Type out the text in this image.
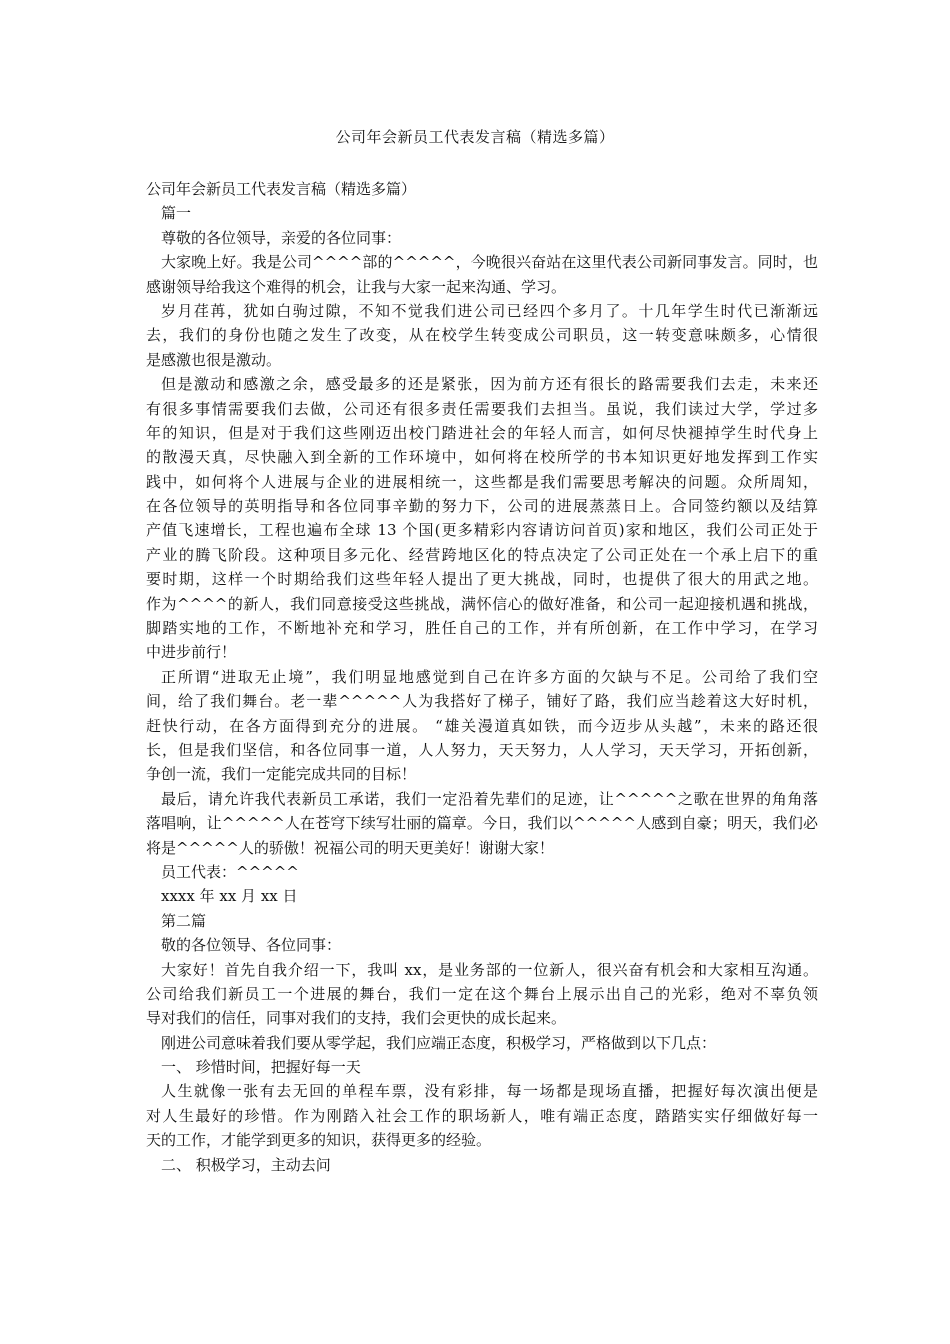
公司年会新员工代表发言稿（精选多篇）

公司年会新员工代表发言稿（精选多篇）

篇一

尊敬的各位领导，亲爱的各位同事：

大家晚上好。我是公司^^^^部的^^^^^，今晚很兴奋站在这里代表公司新同事发言。同时，也

感谢领导给我这个难得的机会，让我与大家一起来沟通、学习。

岁月荏苒，犹如白驹过隙，不知不觉我们进公司已经四个多月了。十几年学生时代已渐渐远

去，我们的身份也随之发生了改变，从在校学生转变成公司职员，这一转变意味颇多，心情很

是感激也很是激动。

但是激动和感激之余，感受最多的还是紧张，因为前方还有很长的路需要我们去走，未来还

有很多事情需要我们去做，公司还有很多责任需要我们去担当。虽说，我们读过大学，学过多

年的知识，但是对于我们这些刚迈出校门踏进社会的年轻人而言，如何尽快褪掉学生时代身上

的散漫天真，尽快融入到全新的工作环境中，如何将在校所学的书本知识更好地发挥到工作实

践中，如何将个人进展与企业的进展相统一，这些都是我们需要思考解决的问题。众所周知，

在各位领导的英明指导和各位同事辛勤的努力下，公司的进展蒸蒸日上。合同签约额以及结算

产值飞速增长，工程也遍布全球 13 个国(更多精彩内容请访问首页)家和地区，我们公司正处于

产业的腾飞阶段。这种项目多元化、经营跨地区化的特点决定了公司正处在一个承上启下的重

要时期，这样一个时期给我们这些年轻人提出了更大挑战，同时，也提供了很大的用武之地。

作为^^^^的新人，我们同意接受这些挑战，满怀信心的做好准备，和公司一起迎接机遇和挑战，

脚踏实地的工作，不断地补充和学习，胜任自己的工作，并有所创新，在工作中学习，在学习

中进步前行！

正所谓“进取无止境”，我们明显地感觉到自己在许多方面的欠缺与不足。公司给了我们空

间，给了我们舞台。老一辈^^^^^人为我搭好了梯子，铺好了路，我们应当趁着这大好时机，

赶快行动，在各方面得到充分的进展。 “雄关漫道真如铁，而今迈步从头越”，未来的路还很

长，但是我们坚信，和各位同事一道，人人努力，天天努力，人人学习，天天学习，开拓创新，

争创一流，我们一定能完成共同的目标！

最后，请允许我代表新员工承诺，我们一定沿着先辈们的足迹，让^^^^^之歌在世界的角角落

落唱响，让^^^^^人在苍穹下续写壮丽的篇章。今日，我们以^^^^^人感到自豪；明天，我们必

将是^^^^^人的骄傲！祝福公司的明天更美好！谢谢大家！

员工代表：^^^^^

xxxx 年 xx 月 xx 日

第二篇

敬的各位领导、各位同事：

大家好！首先自我介绍一下，我叫 xx，是业务部的一位新人，很兴奋有机会和大家相互沟通。

公司给我们新员工一个进展的舞台，我们一定在这个舞台上展示出自己的光彩，绝对不辜负领

导对我们的信任，同事对我们的支持，我们会更快的成长起来。

刚进公司意味着我们要从零学起，我们应端正态度，积极学习，严格做到以下几点：

一、 珍惜时间，把握好每一天

人生就像一张有去无回的单程车票，没有彩排，每一场都是现场直播，把握好每次演出便是

对人生最好的珍惜。作为刚踏入社会工作的职场新人，唯有端正态度，踏踏实实仔细做好每一

天的工作，才能学到更多的知识，获得更多的经验。

二、 积极学习，主动去问
